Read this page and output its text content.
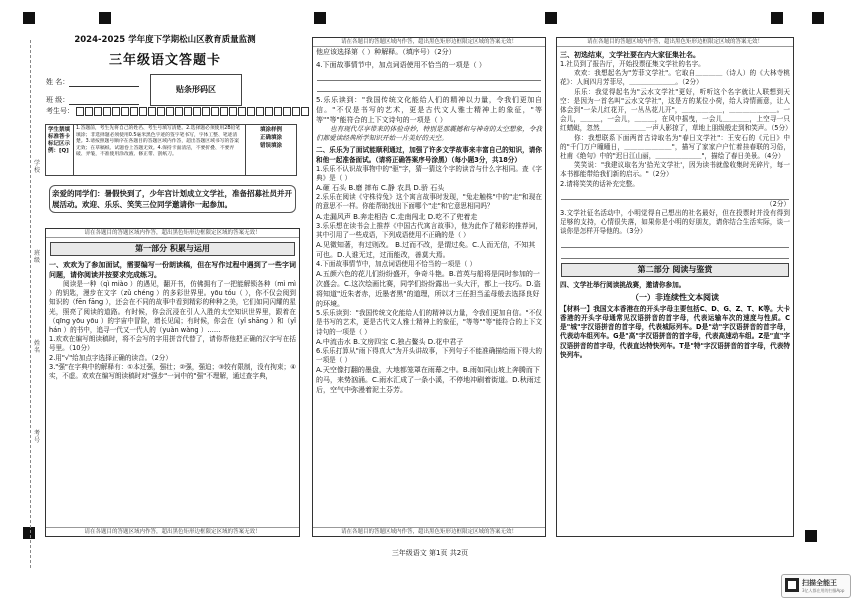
学
校
班
级
姓
名
考
号
2024-2025 学年度下学期松山区教育质量监测
三年级语文答题卡
姓 名：
班 级：
考生号：
贴条形码区
学生禁填
标准答卡标记区示例：[Q]
1.答题前，考生先将自己的姓名、考生号填写清楚。2.选择题必须使用2B铅笔填涂；非选择题必须使用0.5毫米黑色字迹的签字笔书写，字体工整、笔迹清楚。3.请按照题号顺序在各题目的答题区域内作答，超出答题区域书写的答案无效；在草稿纸、试题卷上答题无效。4.保持卡面清洁，不要折叠、不要弄破、弄皱，不准使用涂改液、修正带、刮纸刀。
填涂样例
正确填涂
错误填涂
亲爱的同学们：暑假快到了，少年宫计划成立文学社，准备招募社员并开展活动。欢迎、乐乐、笑笑三位同学邀请你一起参加。
请在各题目的答题区域内作答，超出黑色矩形边框限定区域的答案无效！
第一部分 积累与运用
一、欢欢为了参加面试，需要编写一份朗读稿，但在写作过程中遇到了一些字词问题，请你阅读并按要求完成练习。
阅读是一种（qì miào ）的遇见，翻开书，仿佛拥有了一把能解锁各种（mì mì ）的钥匙，漫步在文字（zǔ chéng ）的多彩世界里。yōu tóu（ ），你不仅会阅到知识的（fēn fāng ），还会在不同的故事中看到精彩的种种之美，它们如同闪耀的星光，照亮了阅读的道路。有时候，你会沉浸在引人入胜的太空知识世界里，跟着在（qīng yōu yōu ）的宇宙中冒险，增长见闻；有时候，你会在（yǐ shāng ）和（yǐ hán ）的书中，追寻一代又一代人的（yuàn wàng ）……
1.欢欢在编写朗读稿时，将不会写的字用拼音代替了，请你帮他把正确的汉字写在括号里。（10分）
2.用"√"给加点字选择正确的读音。（2分）
3."强"在字典中的解释有：①本过强，强壮；②强，强迫；③较有限制，没有拘束；④实，不虚。欢欢在编写朗读稿时对"强步"一词中的"强"不理解，通过查字典，
请在各题目的答题区域内作答，超出黑色矩形边框限定区域的答案无效！
请在各题目的答题区域内作答，超出黑色矩形边框限定区域的答案无效！
他应该选择第（ ）种解释。（填序号）（2分）
4.下面故事情节中，加点词语使用不恰当的一项是（ ）
5.乐乐读到："我国传统文化能给人们的精神以力量，令我们更加自信。"不仅是书写的艺术，更是古代文人雅士精神上的象征，"等等""等"能符合的上下文诗句的一项是（ ）
也有现代尽享带来的体验奇妙，特别是那震撼和与神奇的太空想象，令我们都爱读经典所学知识开始一片美好的天空。
二、乐乐为了面试能顺利通过，加强了许多文学故事来丰富自己的知识，请你和他一起准备面试。（请将正确答案序号涂黑）（每小题3分，共18分）
1.乐乐不认识故事物中的"驱"字，猜一猜这个字的读音与什么字相同。查《字典》是（ ）
A.砸 石头 B.磨 摔布 C.静 农具 D.骄 石头
2.乐乐在阅读《守株待兔》这个寓言故事时发现，"兔走触株"中的"走"和现在的意思不一样。你能帮助找出下面哪个"走"和它意思相同吗？
A.走漏风声 B.奔走相告 C.走南闯北 D.吃不了兜着走
3.乐乐想在读书会上推荐《中国古代寓言故事》，他为此作了精彩的推荐词，其中引用了一些成语，下列成语使用不正确的是（ ）
A.见微知著，有过则改。 B.过而不改，是谓过矣。C.人而无信，不知其可也。D.人谁无过，过而能改，善莫大焉。
4.下面故事情节中，加点词语使用不恰当的一项是（ ）
A.五颜六色的花儿们纷纷盛开，争奇斗艳。B.首英与船将是同时参加的一次盛会。C.这次绘画比赛，同学们纷纷露出一头大汗，都上一技巧。D.盗将知道"近朱者赤，近墨者黑"的道理，所以才三任担当孟母般去选择良好的环境。
5.乐乐读到："我国传统文化能给人们的精神以力量，令我们更加自信。"不仅是书写的艺术，更是古代文人雅士精神上的象征，"等等""等"能符合的上下文诗句的一项是（ ）
A.中流击水 B.文房四宝 C.独占鳌头 D.花中君子
6.乐乐打算从"雨下得真大"为开头讲故事，下列句子不能准确描绘雨下得大的一项是（ ）
A.天空像打翻的墨盘，大地都笼罩在雨幕之中。B.雨如同山坡上奔腾而下的马，来势汹涌。C.雨水汇成了一条小溪，不停地冲刷着街道。D.秋雨过后，空气中弥漫着泥土芬芳。
请在各题目的答题区域内作答，超出黑色矩形边框限定区域的答案无效！
请在各题目的答题区域内作答，超出黑色矩形边框限定区域的答案无效！
三、初选结束，文学社要在内大家征集社名。
1.社员到了报告厅，开始投票征集文学社的名字。
欢欢：我想起名为"芳菲文学社"。它取自＿＿＿＿（诗人）的《大林寺桃花》：人间四月芳菲尽，＿＿＿＿＿＿＿。（2分）
乐乐：我觉得起名为"云水文学社"更好，听听这个名字就让人联想到天空：是因为一首名叫"云水文学社"，这是方的某位小荷，给人诗情画意，让人体会到"一朵儿红花开，一丛丛花儿开"，＿＿＿＿＿＿，＿＿＿＿＿＿＿。一会儿，＿＿＿，一会儿，＿＿＿，在风中摇曳，一会儿＿＿＿＿，上空寻一只红蜻蜓，忽然＿＿＿＿＿＿＿一声人影掠了，草地上朋级般走到和笑声。（5分）
你：我想联系下面两首古诗取名为"春日文学社"：王安石的《元日》中的"千门万户曈曈日，＿＿＿＿＿＿＿"，描写了家家户户忙着挂春联的习俗，杜甫《绝句》中的"迟日江山丽，＿＿＿＿＿＿＿"，描绘了春日美景。（4分）
笑笑说："我建议取名为'拾光文学社'，因为读书就像收集时光碎片，每一本书都能带给我们新的启示。"（2分）
2.请将笑笑的话补充完整。
（2分）
3.文学社征名活动中，小明觉得自己想出的社名最好，但在投票时并没有得到足够的支持，心情很失落，如果你是小明的好朋友，请你结合生活实际，谈一谈你是怎样开导他的。（3分）
第二部分 阅读与鉴赏
四、文学社举行阅读挑战赛，邀请你参加。
（一）非连续性文本阅读
【材料一】我国文本香港在的开头字母主要包括C、D、G、Z、T、K等。大卡香港的开头字母通常见汉语拼音的首字母，代表运输车次的速度与性质。C是"城"字汉语拼音的首字母，代表城际列车。D是"动"字汉语拼音的首字母，代表动车组列车。G是"高"字汉语拼音的首字母，代表高速动车组。Z是"直"字汉语拼音的首字母，代表直达特快列车。T是"特"字汉语拼音的首字母，代表特快列车。
三年级语文 第1页 共2页
扫描全能王
3亿人都在用的扫描App
